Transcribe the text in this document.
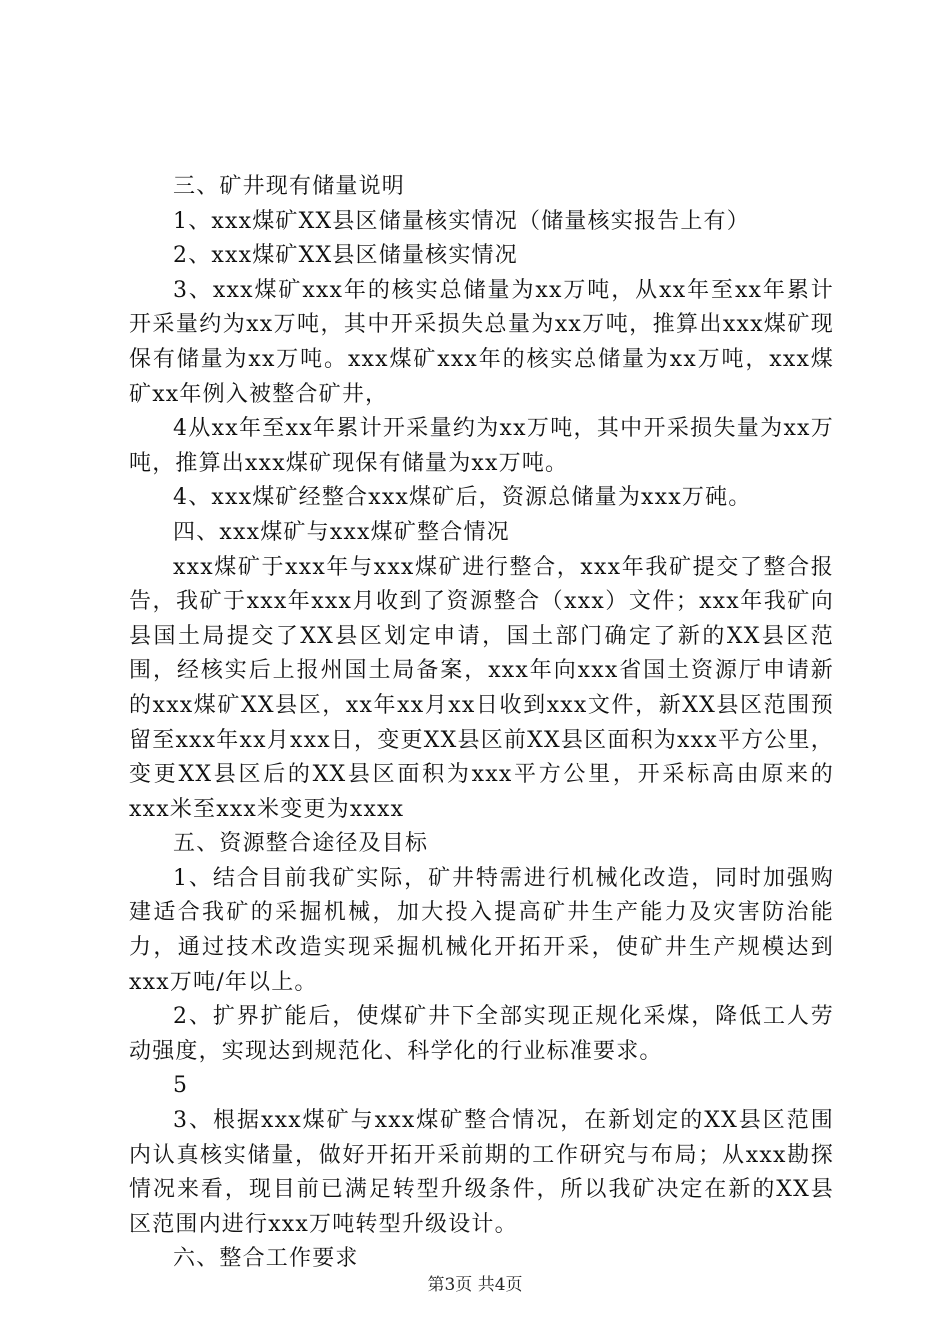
三、矿井现有储量说明

1、xxx煤矿XX县区储量核实情况（储量核实报告上有）

2、xxx煤矿XX县区储量核实情况

3、xxx煤矿xxx年的核实总储量为xx万吨，从xx年至xx年累计开采量约为xx万吨，其中开采损失总量为xx万吨，推算出xxx煤矿现保有储量为xx万吨。xxx煤矿xxx年的核实总储量为xx万吨，xxx煤矿xx年例入被整合矿井，

4从xx年至xx年累计开采量约为xx万吨，其中开采损失量为xx万吨，推算出xxx煤矿现保有储量为xx万吨。

4、xxx煤矿经整合xxx煤矿后，资源总储量为xxx万砘。

四、xxx煤矿与xxx煤矿整合情况

xxx煤矿于xxx年与xxx煤矿进行整合，xxx年我矿提交了整合报告，我矿于xxx年xxx月收到了资源整合（xxx）文件；xxx年我矿向县国土局提交了XX县区划定申请，国土部门确定了新的XX县区范围，经核实后上报州国土局备案，xxx年向xxx省国土资源厅申请新的xxx煤矿XX县区，xx年xx月xx日收到xxx文件，新XX县区范围预留至xxx年xx月xxx日，变更XX县区前XX县区面积为xxx平方公里，变更XX县区后的XX县区面积为xxx平方公里，开采标高由原来的xxx米至xxx米变更为xxxx

五、资源整合途径及目标

1、结合目前我矿实际，矿井特需进行机械化改造，同时加强购建适合我矿的采掘机械，加大投入提高矿井生产能力及灾害防治能力，通过技术改造实现采掘机械化开拓开采，使矿井生产规模达到xxx万吨/年以上。

2、扩界扩能后，使煤矿井下全部实现正规化采煤，降低工人劳动强度，实现达到规范化、科学化的行业标准要求。

5

3、根据xxx煤矿与xxx煤矿整合情况，在新划定的XX县区范围内认真核实储量，做好开拓开采前期的工作研究与布局；从xxx勘探情况来看，现目前已满足转型升级条件，所以我矿决定在新的XX县区范围内进行xxx万吨转型升级设计。

六、整合工作要求

第3页 共4页
